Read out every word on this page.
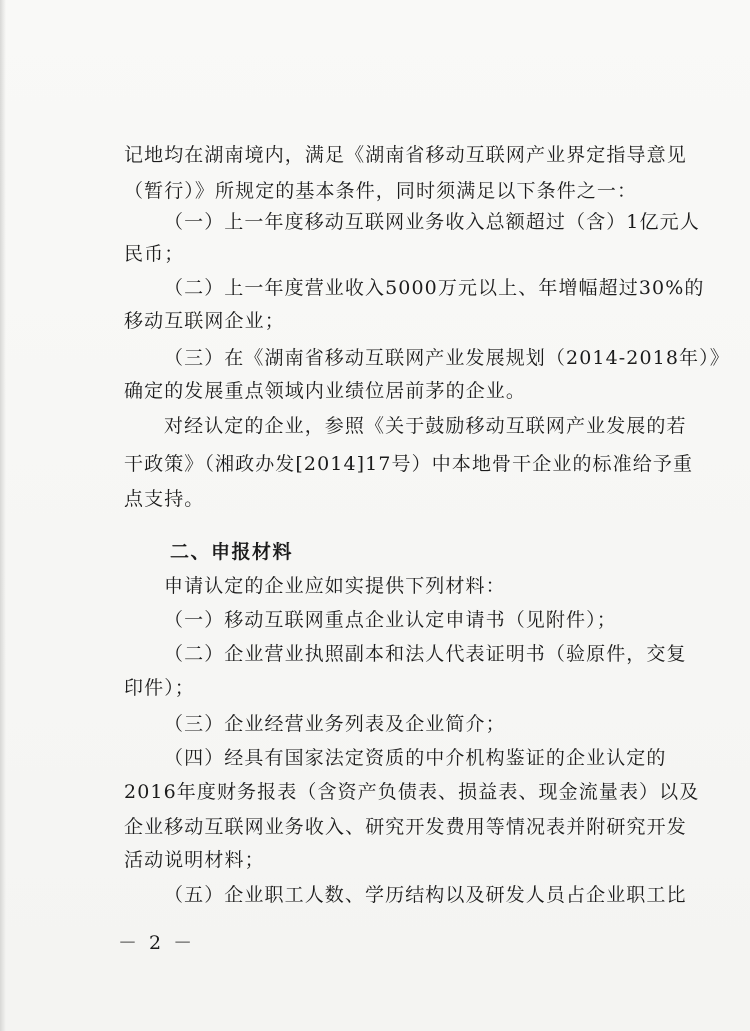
记地均在湖南境内，满足《湖南省移动互联网产业界定指导意见
（暂行）》所规定的基本条件，同时须满足以下条件之一：
（一）上一年度移动互联网业务收入总额超过（含）1亿元人
民币；
（二）上一年度营业收入5000万元以上、年增幅超过30%的
移动互联网企业；
（三）在《湖南省移动互联网产业发展规划（2014-2018年）》
确定的发展重点领域内业绩位居前茅的企业。
对经认定的企业，参照《关于鼓励移动互联网产业发展的若
干政策》（湘政办发[2014]17号）中本地骨干企业的标准给予重
点支持。
二、申报材料
申请认定的企业应如实提供下列材料：
（一）移动互联网重点企业认定申请书（见附件）；
（二）企业营业执照副本和法人代表证明书（验原件，交复
印件）；
（三）企业经营业务列表及企业简介；
（四）经具有国家法定资质的中介机构鉴证的企业认定的
2016年度财务报表（含资产负债表、损益表、现金流量表）以及
企业移动互联网业务收入、研究开发费用等情况表并附研究开发
活动说明材料；
（五）企业职工人数、学历结构以及研发人员占企业职工比
－ 2 －
